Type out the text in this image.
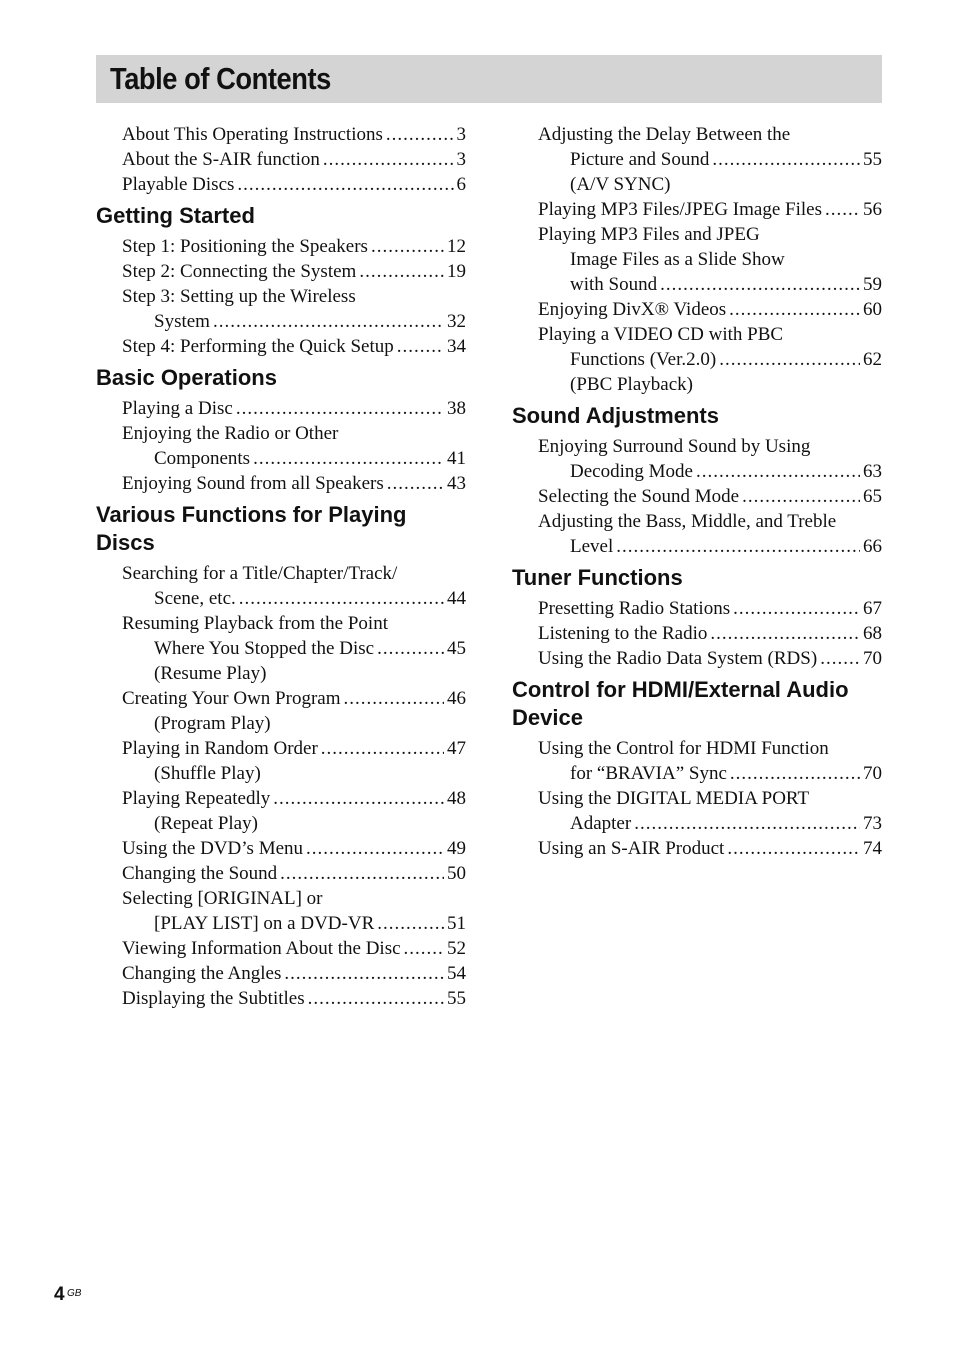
Table of Contents
About This Operating Instructions .....	3
About the S-AIR function .....	3
Playable Discs .....	6
Getting Started
Step 1: Positioning the Speakers .....	12
Step 2: Connecting the System .....	19
Step 3: Setting up the Wireless
System .....	32
Step 4: Performing the Quick Setup .....	34
Basic Operations
Playing a Disc .....	38
Enjoying the Radio or Other
Components .....	41
Enjoying Sound from all Speakers .....	43
Various Functions for Playing Discs
Searching for a Title/Chapter/Track/
Scene, etc. .....	44
Resuming Playback from the Point
Where You Stopped the Disc .....	45
(Resume Play)
Creating Your Own Program .....	46
(Program Play)
Playing in Random Order .....	47
(Shuffle Play)
Playing Repeatedly .....	48
(Repeat Play)
Using the DVD’s Menu .....	49
Changing the Sound .....	50
Selecting [ORIGINAL] or
[PLAY LIST] on a DVD-VR .....	51
Viewing Information About the Disc ..... 52
Changing the Angles .....	54
Displaying the Subtitles .....	55
Adjusting the Delay Between the
Picture and Sound .....	55
(A/V SYNC)
Playing MP3 Files/JPEG Image Files ..... 56
Playing MP3 Files and JPEG
Image Files as a Slide Show
with Sound .....	59
Enjoying DivX® Videos .....	60
Playing a VIDEO CD with PBC
Functions (Ver.2.0) .....	62
(PBC Playback)
Sound Adjustments
Enjoying Surround Sound by Using
Decoding Mode .....	63
Selecting the Sound Mode .....	65
Adjusting the Bass, Middle, and Treble
Level .....	66
Tuner Functions
Presetting Radio Stations .....	67
Listening to the Radio .....	68
Using the Radio Data System (RDS) ..... 70
Control for HDMI/External Audio Device
Using the Control for HDMI Function
for “BRAVIA” Sync .....	70
Using the DIGITAL MEDIA PORT
Adapter .....	73
Using an S-AIR Product .....	74
4 GB
